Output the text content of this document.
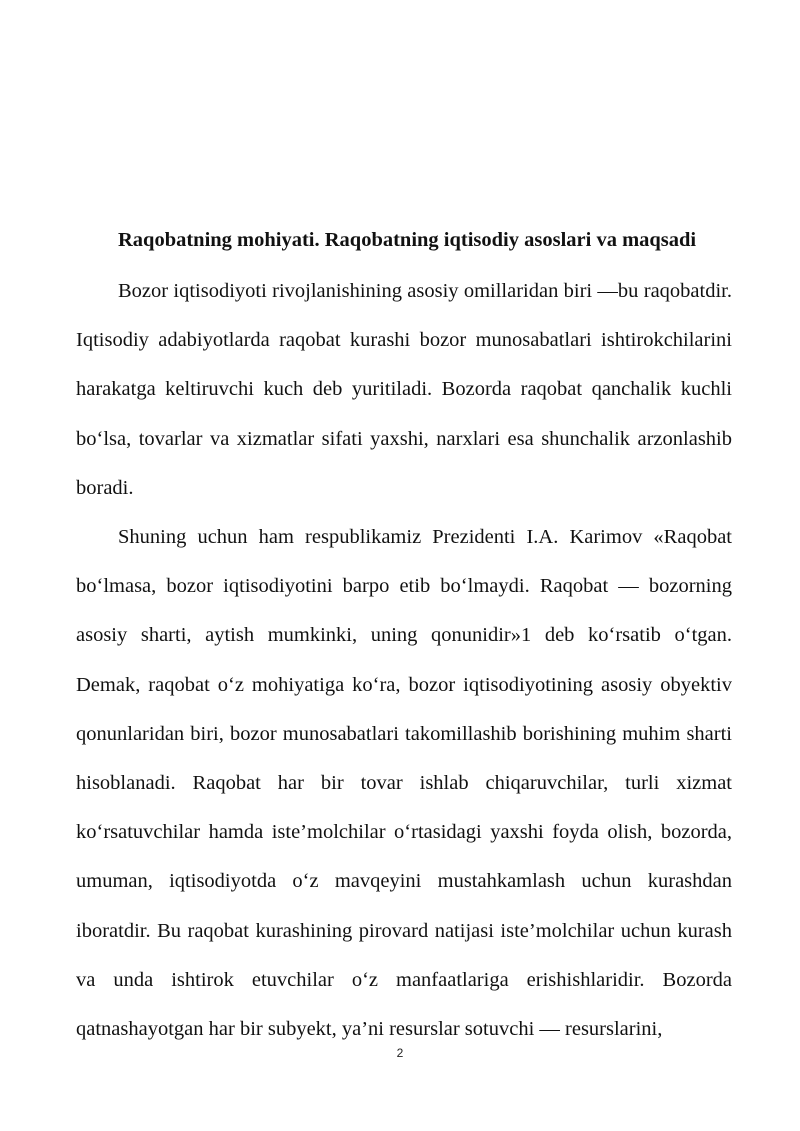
Raqobatning mohiyati. Raqobatning iqtisodiy asoslari va maqsadi

Bozor iqtisodiyoti rivojlanishining asosiy omillaridan biri —bu raqobatdir. Iqtisodiy adabiyotlarda raqobat kurashi bozor munosabatlari ishtirokchilarini harakatga keltiruvchi kuch deb yuritiladi. Bozorda raqobat qanchalik kuchli bo‘lsa, tovarlar va xizmatlar sifati yaxshi, narxlari esa shunchalik arzonlashib boradi.

Shuning uchun ham respublikamiz Prezidenti I.A. Karimov «Raqobat bo‘lmasa, bozor iqtisodiyotini barpo etib bo‘lmaydi. Raqobat — bozorning asosiy sharti, aytish mumkinki, uning qonunidir»1 deb ko‘rsatib o‘tgan. Demak, raqobat o‘z mohiyatiga ko‘ra, bozor iqtisodiyotining asosiy obyektiv qonunlaridan biri, bozor munosabatlari takomillashib borishining muhim sharti hisoblanadi. Raqobat har bir tovar ishlab chiqaruvchilar, turli xizmat ko‘rsatuvchilar hamda iste’molchilar o‘rtasidagi yaxshi foyda olish, bozorda, umuman, iqtisodiyotda o‘z mavqeyini mustahkamlash uchun kurashdan iboratdir. Bu raqobat kurashining pirovard natijasi iste’molchilar uchun kurash va unda ishtirok etuvchilar o‘z manfaatlariga erishishlaridir. Bozorda qatnashayotgan har bir subyekt, ya’ni resurslar sotuvchi — resurslarini,

2
